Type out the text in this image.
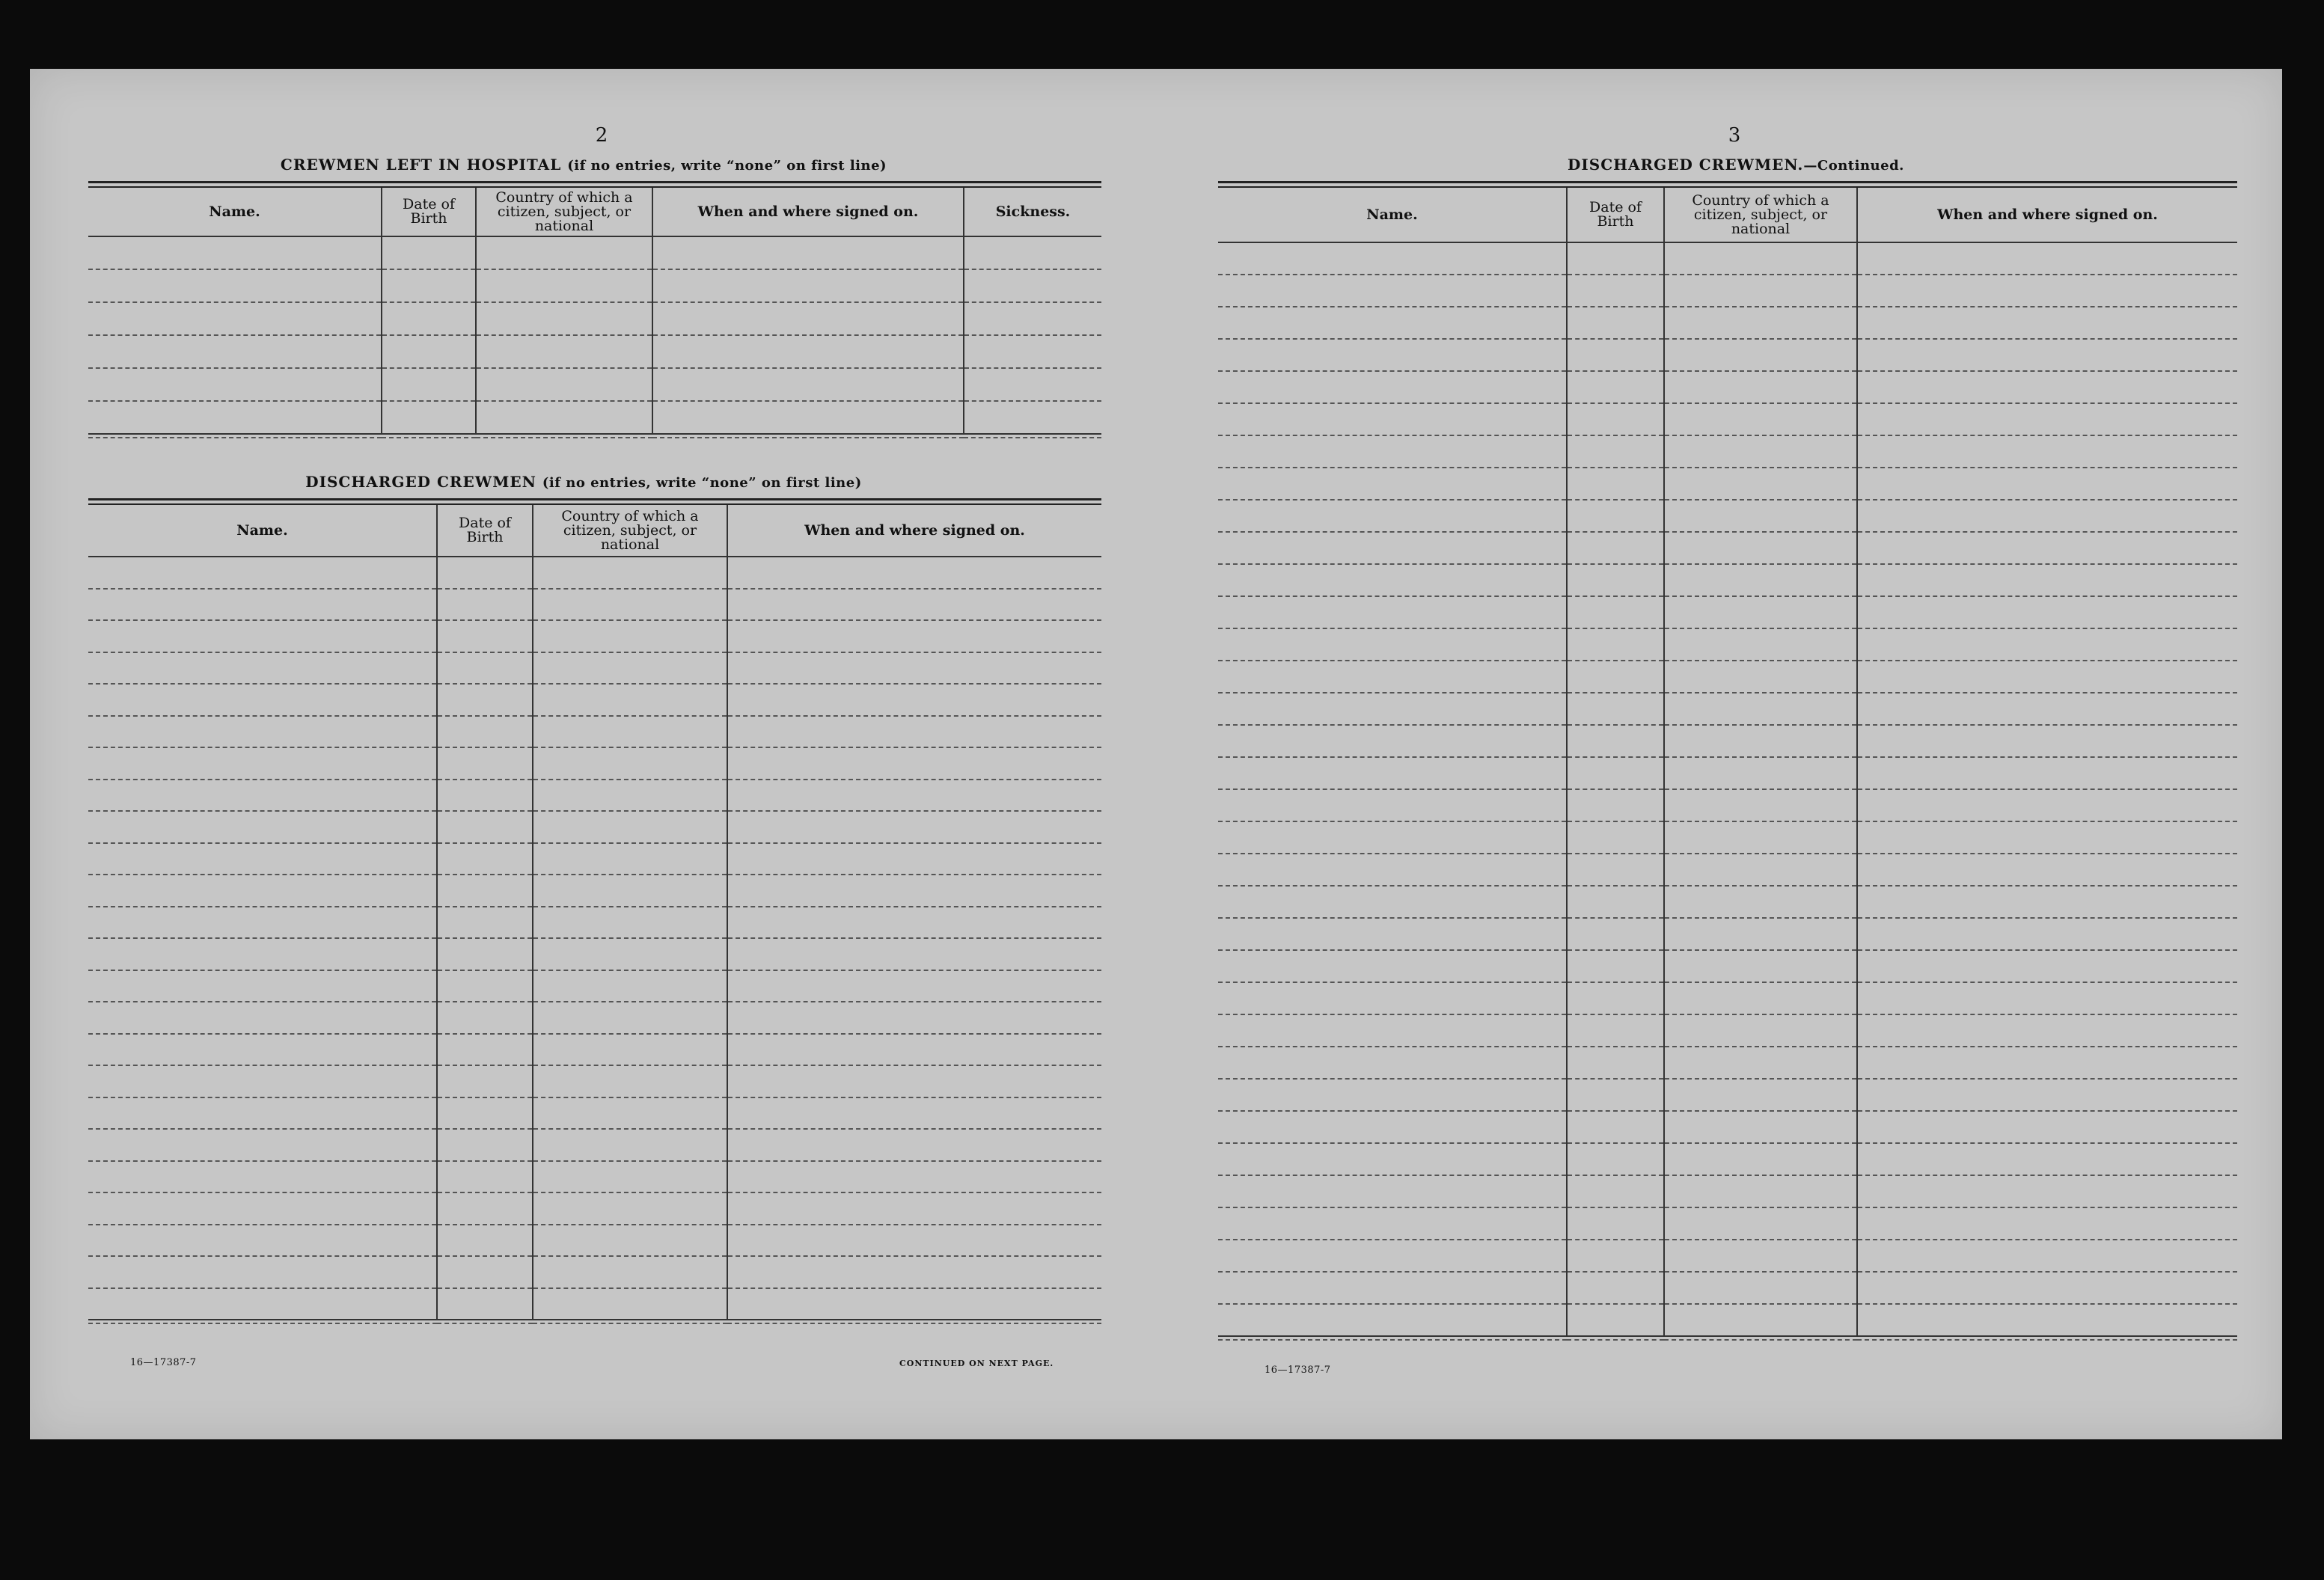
2
CREWMEN LEFT IN HOSPITAL (if no entries, write “none” on first line)

Name.	Date of Birth	Country of which a citizen, subject, or national	When and where signed on.	Sickness.

DISCHARGED CREWMEN (if no entries, write “none” on first line)

Name.	Date of Birth	Country of which a citizen, subject, or national	When and where signed on.

16—17387-7	CONTINUED ON NEXT PAGE.
3
DISCHARGED CREWMEN.—Continued.

Name.	Date of Birth	Country of which a citizen, subject, or national	When and where signed on.

16—17387-7
